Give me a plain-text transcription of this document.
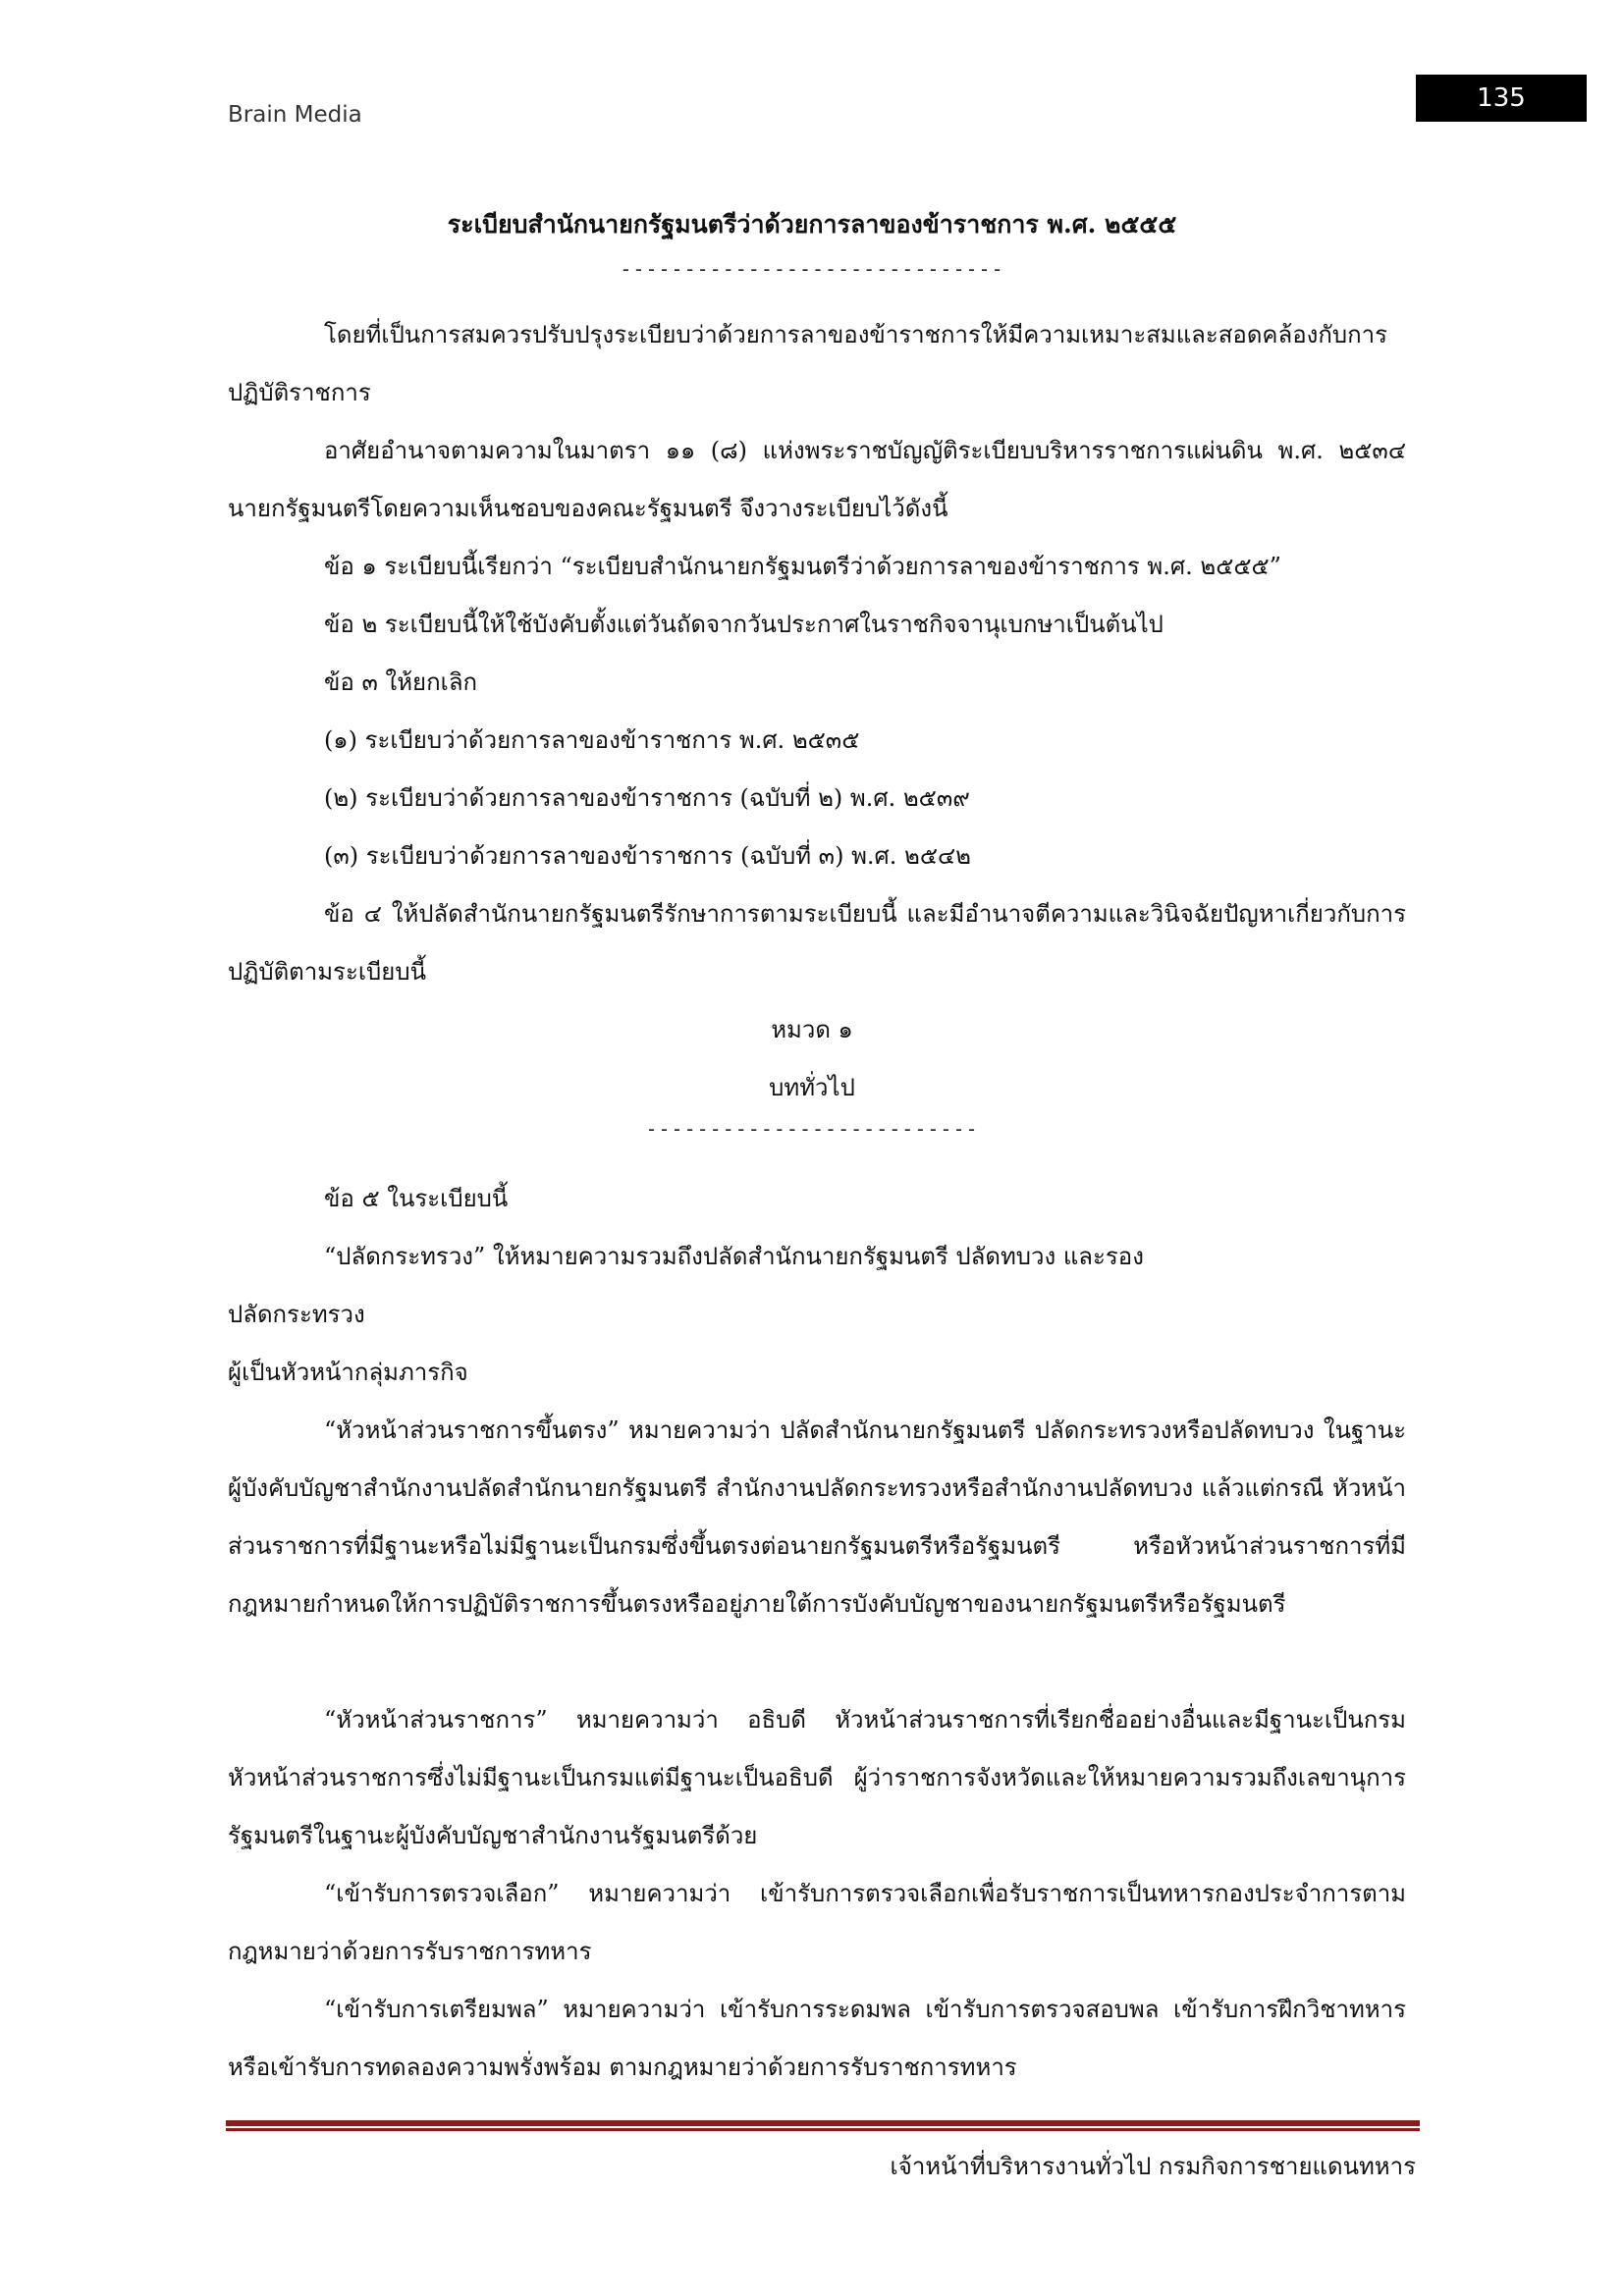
Brain Media
135
ระเบียบสำนักนายกรัฐมนตรีว่าด้วยการลาของข้าราชการ พ.ศ. ๒๕๕๕
------------------------------
โดยที่เป็นการสมควรปรับปรุงระเบียบว่าด้วยการลาของข้าราชการให้มีความเหมาะสมและสอดคล้องกับการปฏิบัติราชการ
อาศัยอำนาจตามความในมาตรา ๑๑ (๘) แห่งพระราชบัญญัติระเบียบบริหารราชการแผ่นดิน พ.ศ. ๒๕๓๔ นายกรัฐมนตรีโดยความเห็นชอบของคณะรัฐมนตรี จึงวางระเบียบไว้ดังนี้
ข้อ ๑ ระเบียบนี้เรียกว่า “ระเบียบสำนักนายกรัฐมนตรีว่าด้วยการลาของข้าราชการ พ.ศ. ๒๕๕๕”
ข้อ ๒ ระเบียบนี้ให้ใช้บังคับตั้งแต่วันถัดจากวันประกาศในราชกิจจานุเบกษาเป็นต้นไป
ข้อ ๓ ให้ยกเลิก
(๑) ระเบียบว่าด้วยการลาของข้าราชการ พ.ศ. ๒๕๓๕
(๒) ระเบียบว่าด้วยการลาของข้าราชการ (ฉบับที่ ๒) พ.ศ. ๒๕๓๙
(๓) ระเบียบว่าด้วยการลาของข้าราชการ (ฉบับที่ ๓) พ.ศ. ๒๕๔๒
ข้อ ๔ ให้ปลัดสำนักนายกรัฐมนตรีรักษาการตามระเบียบนี้ และมีอำนาจตีความและวินิจฉัยปัญหาเกี่ยวกับการปฏิบัติตามระเบียบนี้
หมวด ๑
บททั่วไป
--------------------------
ข้อ ๕ ในระเบียบนี้
“ปลัดกระทรวง” ให้หมายความรวมถึงปลัดสำนักนายกรัฐมนตรี ปลัดทบวง และรอง
ปลัดกระทรวง
ผู้เป็นหัวหน้ากลุ่มภารกิจ
“หัวหน้าส่วนราชการขึ้นตรง” หมายความว่า ปลัดสำนักนายกรัฐมนตรี ปลัดกระทรวงหรือปลัดทบวง ในฐานะผู้บังคับบัญชาสำนักงานปลัดสำนักนายกรัฐมนตรี สำนักงานปลัดกระทรวงหรือสำนักงานปลัดทบวง แล้วแต่กรณี หัวหน้าส่วนราชการที่มีฐานะหรือไม่มีฐานะเป็นกรมซึ่งขึ้นตรงต่อนายกรัฐมนตรีหรือรัฐมนตรี หรือหัวหน้าส่วนราชการที่มีกฎหมายกำหนดให้การปฏิบัติราชการขึ้นตรงหรืออยู่ภายใต้การบังคับบัญชาของนายกรัฐมนตรีหรือรัฐมนตรี
“หัวหน้าส่วนราชการ” หมายความว่า อธิบดี หัวหน้าส่วนราชการที่เรียกชื่ออย่างอื่นและมีฐานะเป็นกรม หัวหน้าส่วนราชการซึ่งไม่มีฐานะเป็นกรมแต่มีฐานะเป็นอธิบดี ผู้ว่าราชการจังหวัดและให้หมายความรวมถึงเลขานุการรัฐมนตรีในฐานะผู้บังคับบัญชาสำนักงานรัฐมนตรีด้วย
“เข้ารับการตรวจเลือก” หมายความว่า เข้ารับการตรวจเลือกเพื่อรับราชการเป็นทหารกองประจำการตามกฎหมายว่าด้วยการรับราชการทหาร
“เข้ารับการเตรียมพล” หมายความว่า เข้ารับการระดมพล เข้ารับการตรวจสอบพล เข้ารับการฝึกวิชาทหาร หรือเข้ารับการทดลองความพรั่งพร้อม ตามกฎหมายว่าด้วยการรับราชการทหาร
เจ้าหน้าที่บริหารงานทั่วไป กรมกิจการชายแดนทหาร
